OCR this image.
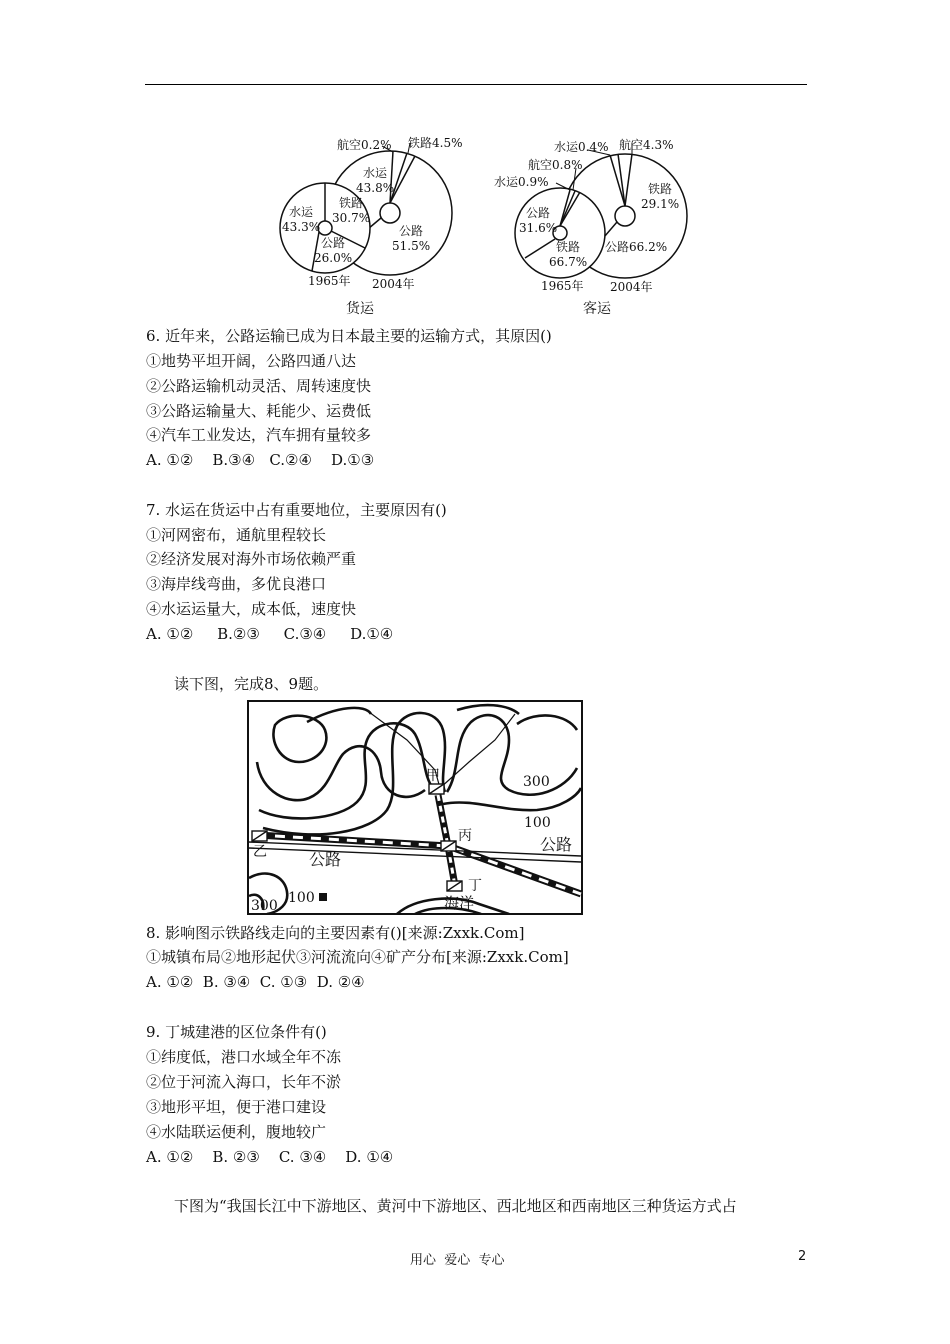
航空0.2% 铁路4.5%
水运
43.8%
公路
51.5%
水运
43.3%
铁路
30.7%
公路
26.0%
1965年 2004年
货运
水运0.4% 航空4.3%
航空0.8%
水运0.9%	铁路
29.1%
公路66.2%
公路
31.6%
铁路
66.7%
1965年 2004年
客运
6. 近年来，公路运输已成为日本最主要的运输方式，其原因()
①地势平坦开阔，公路四通八达
②公路运输机动灵活、周转速度快
③公路运输量大、耗能少、运费低
④汽车工业发达，汽车拥有量较多
A. ①②    B.③④   C.②④    D.①③
7. 水运在货运中占有重要地位，主要原因有()
①河网密布，通航里程较长
②经济发展对海外市场依赖严重
③海岸线弯曲，多优良港口
④水运运量大，成本低，速度快
A. ①②     B.②③     C.③④     D.①④
读下图，完成8、9题。
甲
乙
丙
丁
公路
公路
300
100
300 100	海洋
8. 影响图示铁路线走向的主要因素有()[来源:Zxxk.Com]
①城镇布局②地形起伏③河流流向④矿产分布[来源:Zxxk.Com]
A. ①②  B. ③④  C. ①③  D. ②④
9. 丁城建港的区位条件有()
①纬度低，港口水域全年不冻
②位于河流入海口，长年不淤
③地形平坦，便于港口建设
④水陆联运便利，腹地较广
A. ①②    B. ②③    C. ③④    D. ①④
下图为“我国长江中下游地区、黄河中下游地区、西北地区和西南地区三种货运方式占
用心  爱心  专心	2
